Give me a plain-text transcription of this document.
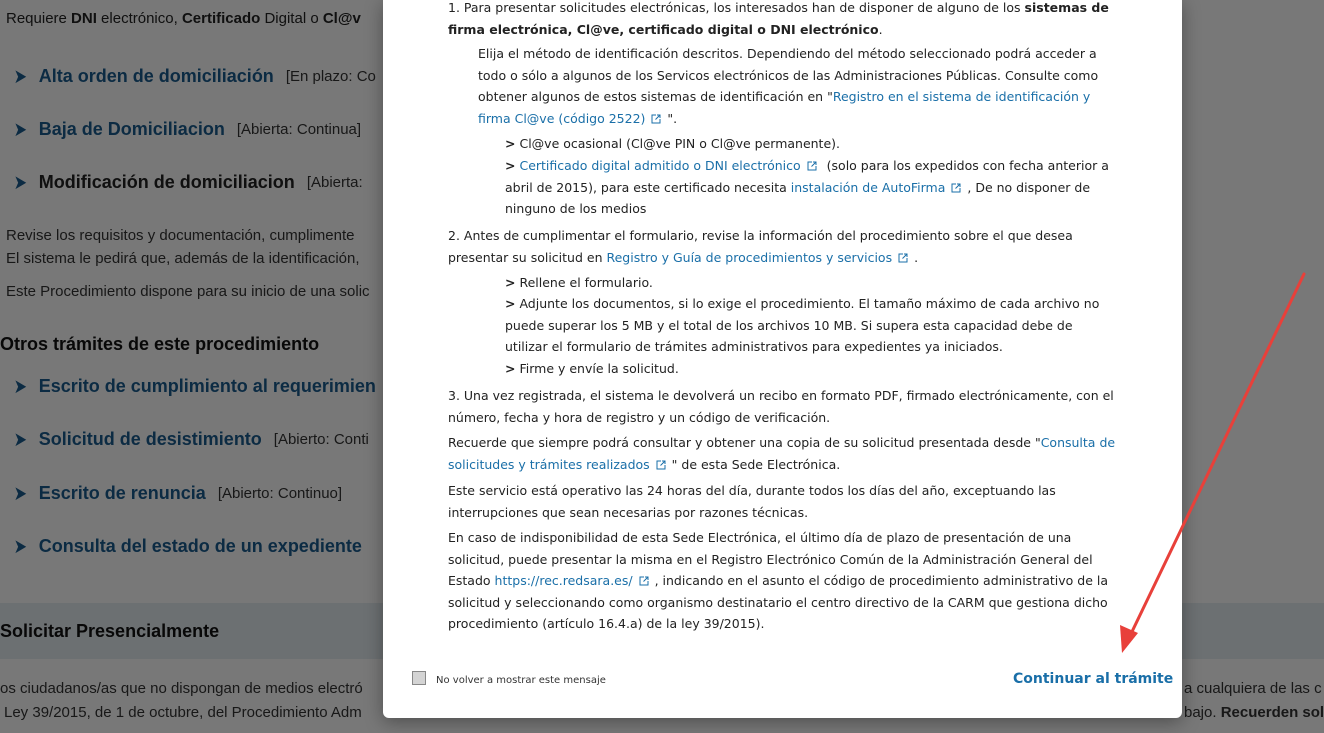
1. Para presentar solicitudes electrónicas, los interesados han de disponer de alguno de los sistemas de firma electrónica, Cl@ve, certificado digital o DNI electrónico.

Elija el método de identificación descritos. Dependiendo del método seleccionado podrá acceder a todo o sólo a algunos de los Servicos electrónicos de las Administraciones Públicas. Consulte como obtener algunos de estos sistemas de identificación en "Registro en el sistema de identificación y firma Cl@ve (código 2522) ".

> Cl@ve ocasional (Cl@ve PIN o Cl@ve permanente).

> Certificado digital admitido o DNI electrónico (solo para los expedidos con fecha anterior a abril de 2015), para este certificado necesita instalación de AutoFirma , De no disponer de ninguno de los medios

2. Antes de cumplimentar el formulario, revise la información del procedimiento sobre el que desea presentar su solicitud en Registro y Guía de procedimientos y servicios .

> Rellene el formulario.

> Adjunte los documentos, si lo exige el procedimiento. El tamaño máximo de cada archivo no puede superar los 5 MB y el total de los archivos 10 MB. Si supera esta capacidad debe de utilizar el formulario de trámites administrativos para expedientes ya iniciados.

> Firme y envíe la solicitud.

3. Una vez registrada, el sistema le devolverá un recibo en formato PDF, firmado electrónicamente, con el número, fecha y hora de registro y un código de verificación.

Recuerde que siempre podrá consultar y obtener una copia de su solicitud presentada desde "Consulta de solicitudes y trámites realizados " de esta Sede Electrónica.

Este servicio está operativo las 24 horas del día, durante todos los días del año, exceptuando las interrupciones que sean necesarias por razones técnicas.

En caso de indisponibilidad de esta Sede Electrónica, el último día de plazo de presentación de una solicitud, puede presentar la misma en el Registro Electrónico Común de la Administración General del Estado https://rec.redsara.es/ , indicando en el asunto el código de procedimiento administrativo de la solicitud y seleccionando como organismo destinatario el centro directivo de la CARM que gestiona dicho procedimiento (artículo 16.4.a) de la ley 39/2015).

No volver a mostrar este mensaje	Continuar al trámite
